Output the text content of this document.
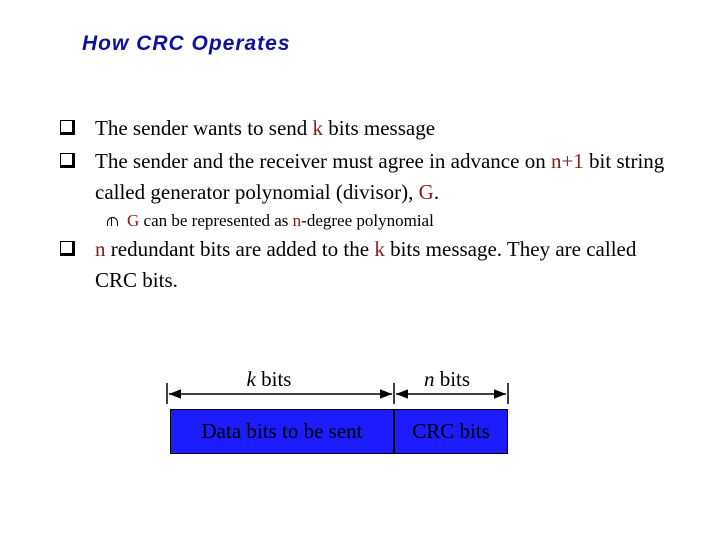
How CRC Operates
The sender wants to send k bits message
The sender and the receiver must agree in advance on n+1 bit string called generator polynomial (divisor), G.
G can be represented as n-degree polynomial
n redundant bits are added to the k bits message. They are called CRC bits.
k bits	n bits
Data bits to be sent	CRC bits
